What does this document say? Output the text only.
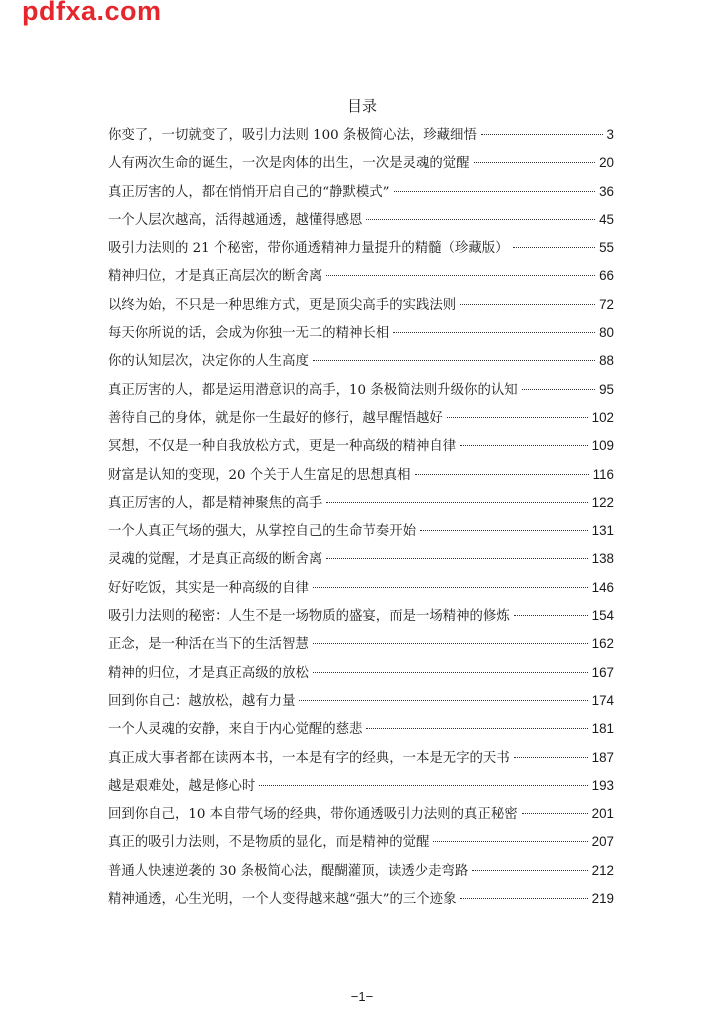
pdfxa.com
目录
你变了，一切就变了，吸引力法则 100 条极简心法，珍藏细悟	3
人有两次生命的诞生，一次是肉体的出生，一次是灵魂的觉醒	20
真正厉害的人，都在悄悄开启自己的“静默模式”	36
一个人层次越高，活得越通透，越懂得感恩	45
吸引力法则的 21 个秘密，带你通透精神力量提升的精髓（珍藏版）	55
精神归位，才是真正高层次的断舍离	66
以终为始，不只是一种思维方式，更是顶尖高手的实践法则	72
每天你所说的话，会成为你独一无二的精神长相	80
你的认知层次，决定你的人生高度	88
真正厉害的人，都是运用潜意识的高手，10 条极简法则升级你的认知	95
善待自己的身体，就是你一生最好的修行，越早醒悟越好	102
冥想，不仅是一种自我放松方式，更是一种高级的精神自律	109
财富是认知的变现，20 个关于人生富足的思想真相	116
真正厉害的人，都是精神聚焦的高手	122
一个人真正气场的强大，从掌控自己的生命节奏开始	131
灵魂的觉醒，才是真正高级的断舍离	138
好好吃饭，其实是一种高级的自律	146
吸引力法则的秘密：人生不是一场物质的盛宴，而是一场精神的修炼	154
正念，是一种活在当下的生活智慧	162
精神的归位，才是真正高级的放松	167
回到你自己：越放松，越有力量	174
一个人灵魂的安静，来自于内心觉醒的慈悲	181
真正成大事者都在读两本书，一本是有字的经典，一本是无字的天书	187
越是艰难处，越是修心时	193
回到你自己，10 本自带气场的经典，带你通透吸引力法则的真正秘密	201
真正的吸引力法则，不是物质的显化，而是精神的觉醒	207
普通人快速逆袭的 30 条极简心法，醍醐灌顶，读透少走弯路	212
精神通透，心生光明，一个人变得越来越“强大”的三个迹象	219
−1−
